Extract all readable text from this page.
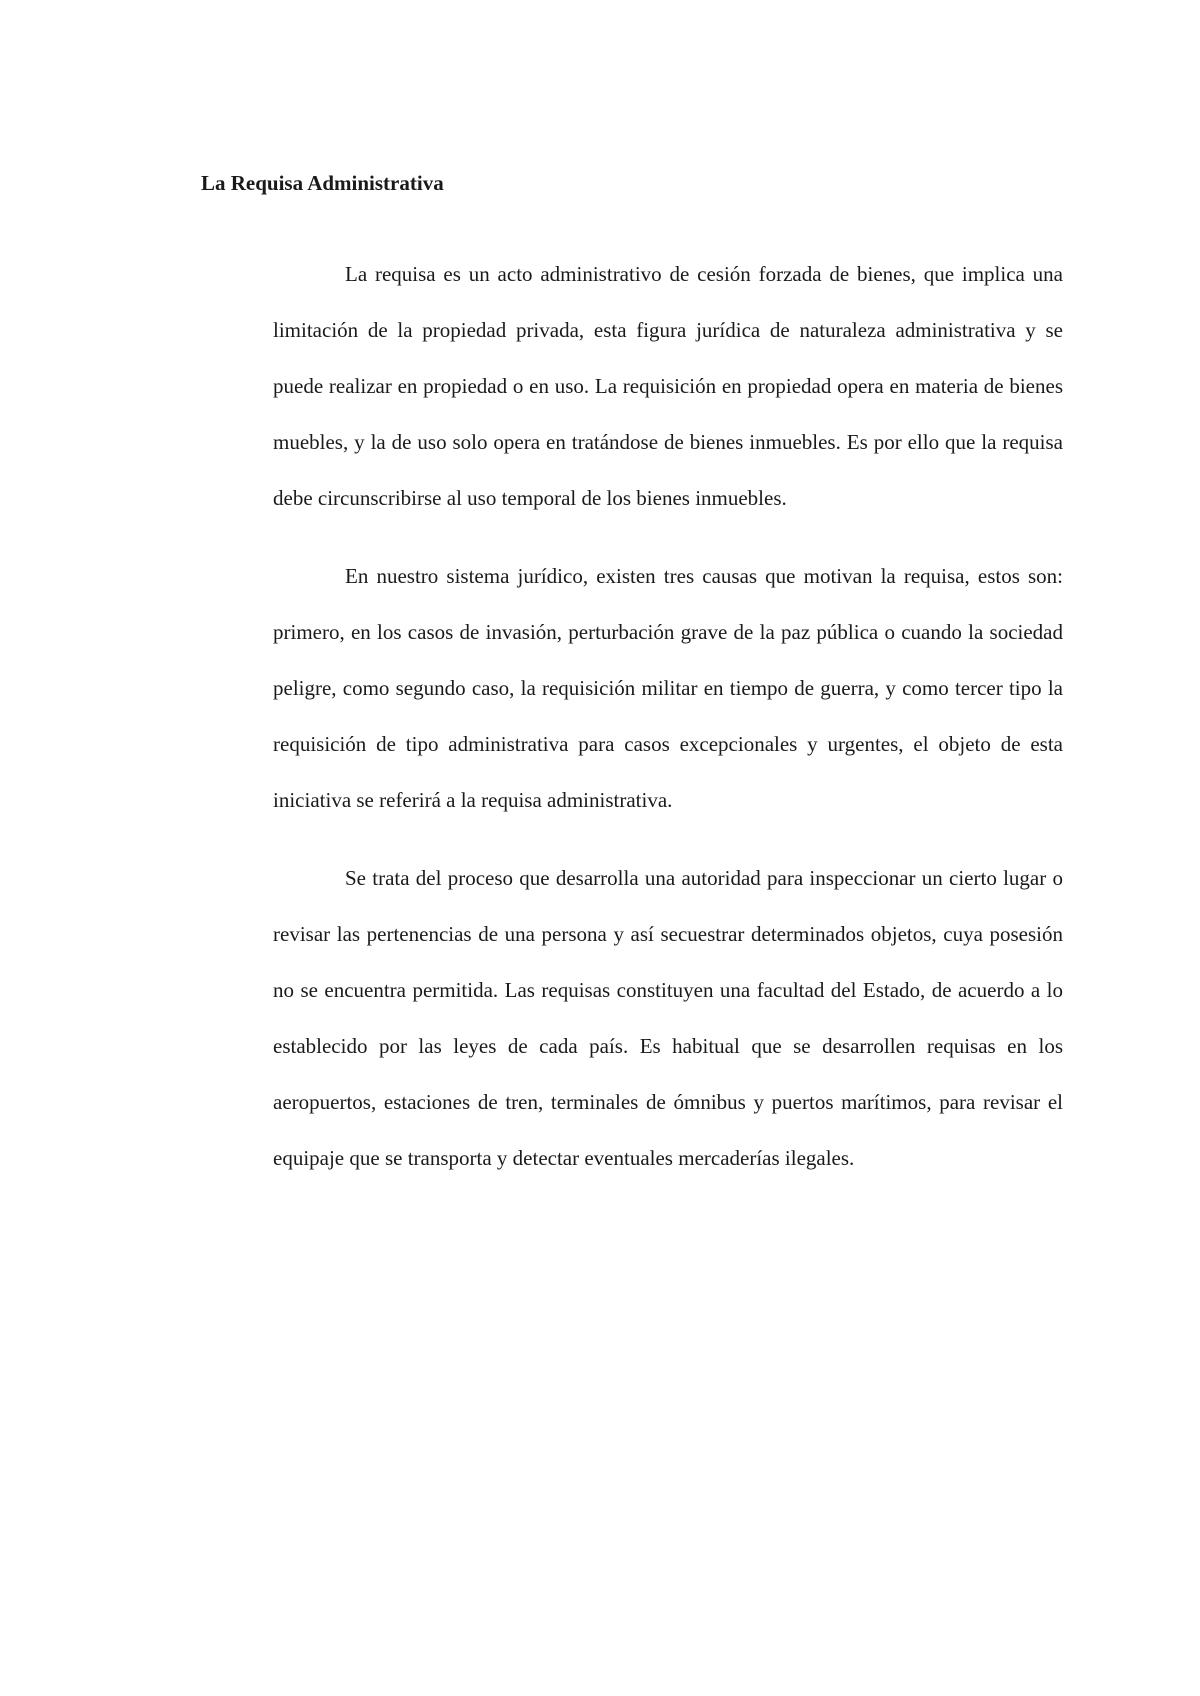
La Requisa Administrativa

La requisa es un acto administrativo de cesión forzada de bienes, que implica una limitación de la propiedad privada, esta figura jurídica de naturaleza administrativa y se puede realizar en propiedad o en uso. La requisición en propiedad opera en materia de bienes muebles, y la de uso solo opera en tratándose de bienes inmuebles. Es por ello que la requisa debe circunscribirse al uso temporal de los bienes inmuebles.

En nuestro sistema jurídico, existen tres causas que motivan la requisa, estos son: primero, en los casos de invasión, perturbación grave de la paz pública o cuando la sociedad peligre, como segundo caso, la requisición militar en tiempo de guerra, y como tercer tipo la requisición de tipo administrativa para casos excepcionales y urgentes, el objeto de esta iniciativa se referirá a la requisa administrativa.

Se trata del proceso que desarrolla una autoridad para inspeccionar un cierto lugar o revisar las pertenencias de una persona y así secuestrar determinados objetos, cuya posesión no se encuentra permitida. Las requisas constituyen una facultad del Estado, de acuerdo a lo establecido por las leyes de cada país. Es habitual que se desarrollen requisas en los aeropuertos, estaciones de tren, terminales de ómnibus y puertos marítimos, para revisar el equipaje que se transporta y detectar eventuales mercaderías ilegales.
